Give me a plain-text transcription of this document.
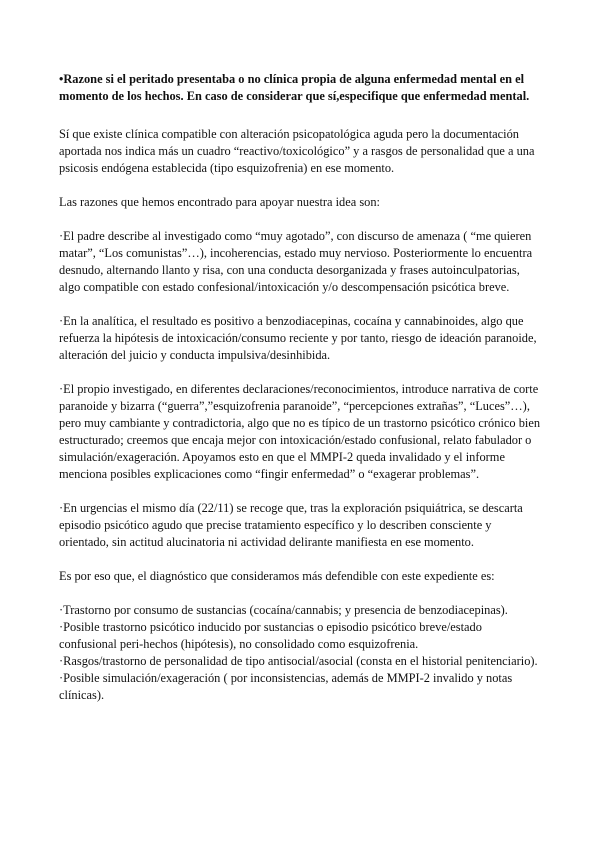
•Razone si el peritado presentaba o no clínica propia de alguna enfermedad mental en el momento de los hechos. En caso de considerar que sí,especifique que enfermedad mental.

Sí que existe clínica compatible con alteración psicopatológica aguda pero la documentación aportada nos indica más un cuadro “reactivo/toxicológico” y a rasgos de personalidad que a una psicosis endógena establecida (tipo esquizofrenia) en ese momento.

Las razones que hemos encontrado para apoyar nuestra idea son:

·El padre describe al investigado como “muy agotado”, con discurso de amenaza ( “me quieren matar”, “Los comunistas”…), incoherencias, estado muy nervioso. Posteriormente lo encuentra desnudo, alternando llanto y risa, con una conducta desorganizada y frases autoinculpatorias, algo compatible con estado confesional/intoxicación y/o descompensación psicótica breve.

·En la analítica, el resultado es positivo a benzodiacepinas, cocaína y cannabinoides, algo que refuerza la hipótesis de intoxicación/consumo reciente y por tanto, riesgo de ideación paranoide, alteración del juicio y conducta impulsiva/desinhibida.

·El propio investigado, en diferentes declaraciones/reconocimientos, introduce narrativa de corte paranoide y bizarra (“guerra”,”esquizofrenia paranoide”, “percepciones extrañas”, “Luces”…), pero muy cambiante y contradictoria, algo que no es típico de un trastorno psicótico crónico bien estructurado; creemos que encaja mejor con intoxicación/estado confusional, relato fabulador o simulación/exageración. Apoyamos esto en que el MMPI-2 queda invalidado y el informe menciona posibles explicaciones como “fingir enfermedad” o “exagerar problemas”.

·En urgencias el mismo día (22/11) se recoge que, tras la exploración psiquiátrica, se descarta episodio psicótico agudo que precise tratamiento específico y lo describen consciente y orientado, sin actitud alucinatoria ni actividad delirante manifiesta en ese momento.

Es por eso que, el diagnóstico que consideramos más defendible con este expediente es:

·Trastorno por consumo de sustancias (cocaína/cannabis; y presencia de benzodiacepinas).

·Posible trastorno psicótico inducido por sustancias o episodio psicótico breve/estado confusional peri-hechos (hipótesis), no consolidado como esquizofrenia.

·Rasgos/trastorno de personalidad de tipo antisocial/asocial (consta en el historial penitenciario).

·Posible simulación/exageración ( por inconsistencias, además de MMPI-2 invalido y notas clínicas).
